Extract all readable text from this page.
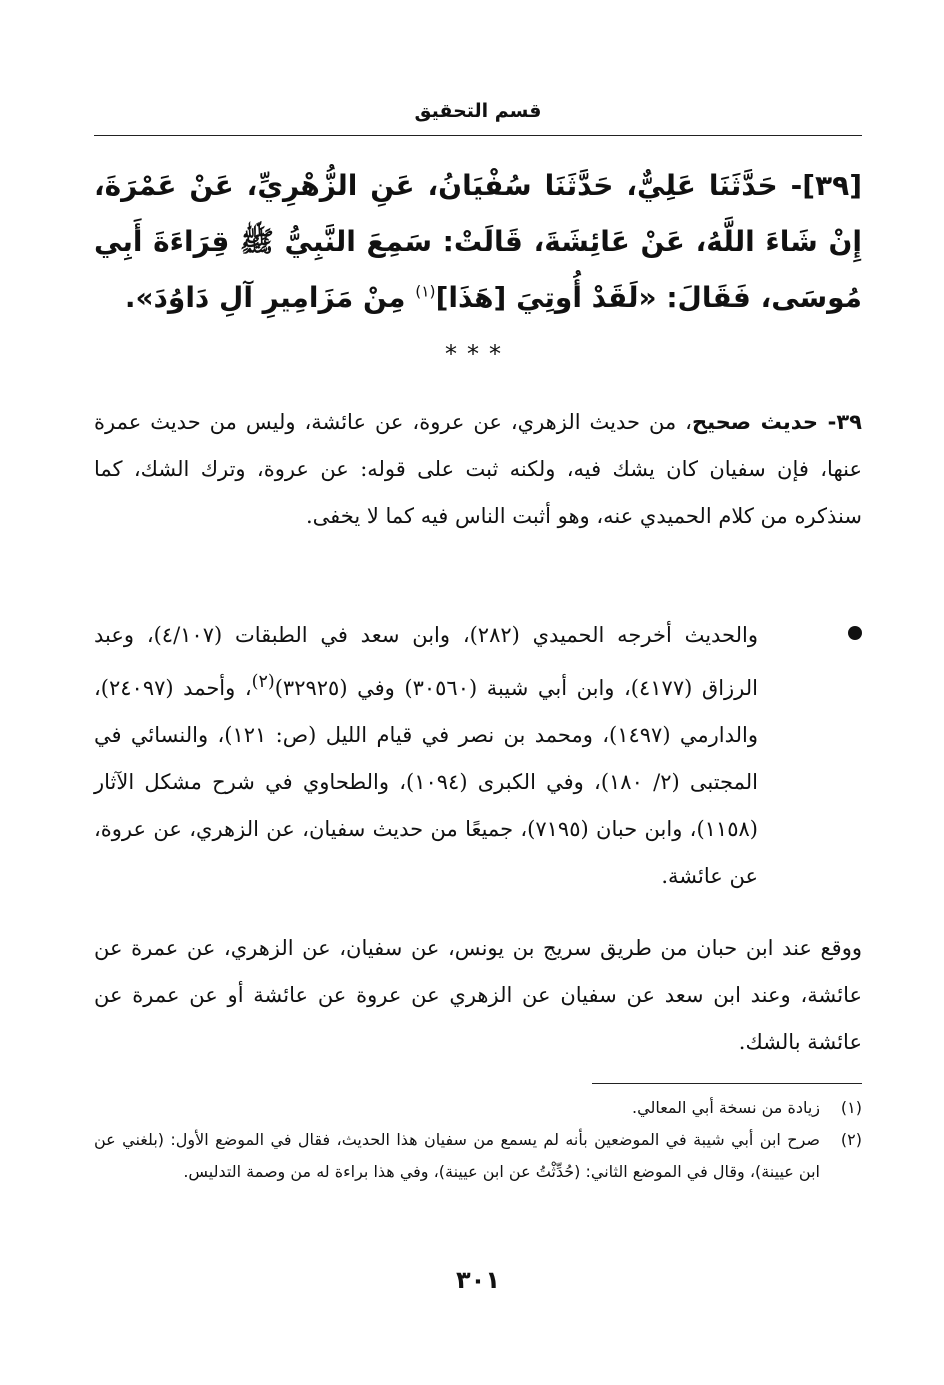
قسم التحقيق
[٣٩]- حَدَّثَنَا عَلِيٌّ، حَدَّثَنَا سُفْيَانُ، عَنِ الزُّهْرِيِّ، عَنْ عَمْرَةَ، إِنْ شَاءَ اللَّهُ، عَنْ عَائِشَةَ، قَالَتْ: سَمِعَ النَّبِيُّ ﷺ قِرَاءَةَ أَبِي مُوسَى، فَقَالَ: «لَقَدْ أُوتِيَ [هَذَا]$^{(١)}$ مِنْ مَزَامِيرِ آلِ دَاوُدَ».
***
٣٩- حديث صحيح، من حديث الزهري، عن عروة، عن عائشة، وليس من حديث عمرة عنها، فإن سفيان كان يشك فيه، ولكنه ثبت على قوله: عن عروة، وترك الشك، كما سنذكره من كلام الحميدي عنه، وهو أثبت الناس فيه كما لا يخفى.
والحديث أخرجه الحميدي (٢٨٢)، وابن سعد في الطبقات (٤/١٠٧)، وعبد الرزاق (٤١٧٧)، وابن أبي شيبة (٣٠٥٦٠) وفي (٣٢٩٢٥)$^{(٢)}$، وأحمد (٢٤٠٩٧)، والدارمي (١٤٩٧)، ومحمد بن نصر في قيام الليل (ص: ١٢١)، والنسائي في المجتبى (٢/ ١٨٠)، وفي الكبرى (١٠٩٤)، والطحاوي في شرح مشكل الآثار (١١٥٨)، وابن حبان (٧١٩٥)، جميعًا من حديث سفيان، عن الزهري، عن عروة، عن عائشة.
ووقع عند ابن حبان من طريق سريج بن يونس، عن سفيان، عن الزهري، عن عمرة عن عائشة، وعند ابن سعد عن سفيان عن الزهري عن عروة عن عائشة أو عن عمرة عن عائشة بالشك.
(١)
زيادة من نسخة أبي المعالي.
(٢)
صرح ابن أبي شيبة في الموضعين بأنه لم يسمع من سفيان هذا الحديث، فقال في الموضع الأول: (بلغني عن ابن عيينة)، وقال في الموضع الثاني: (حُدِّثْتُ عن ابن عيينة)، وفي هذا براءة له من وصمة التدليس.
٣٠١
